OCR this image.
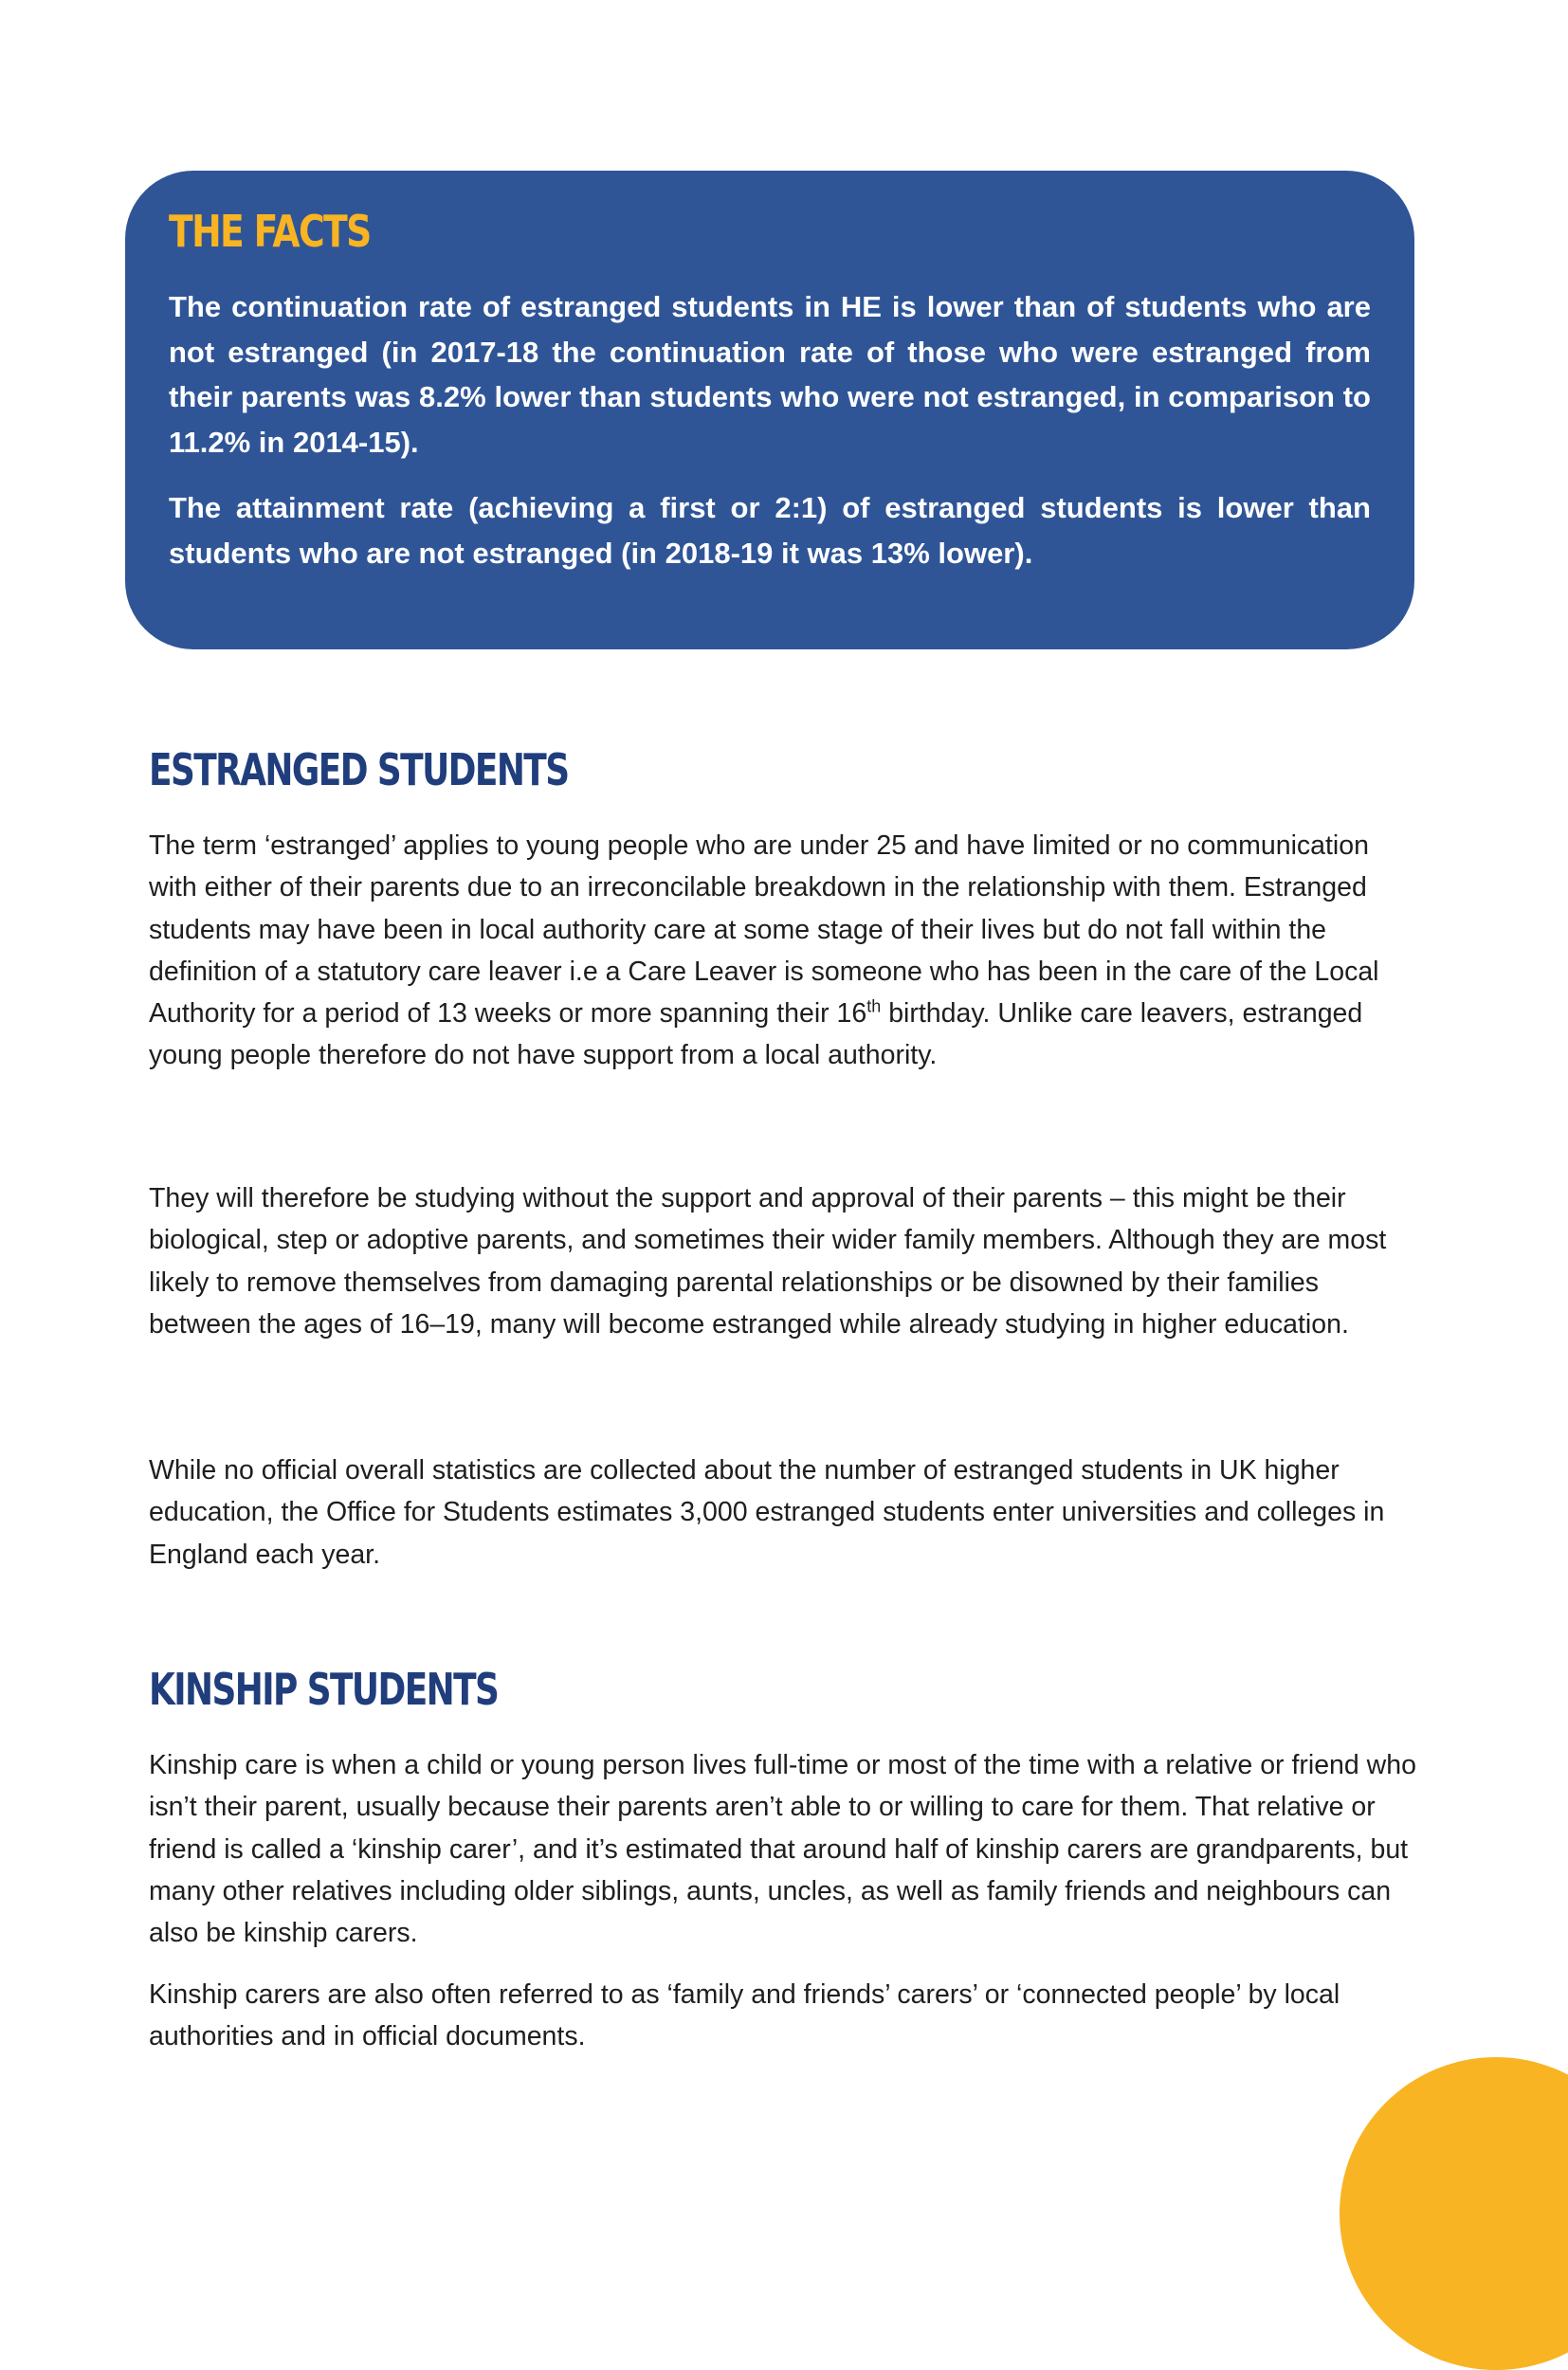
THE FACTS

The continuation rate of estranged students in HE is lower than of students who are not estranged (in 2017-18 the continuation rate of those who were estranged from their parents was 8.2% lower than students who were not estranged, in comparison to 11.2% in 2014-15).

The attainment rate (achieving a first or 2:1) of estranged students is lower than students who are not estranged (in 2018-19 it was 13% lower).

ESTRANGED STUDENTS

The term ‘estranged’ applies to young people who are under 25 and have limited or no communication with either of their parents due to an irreconcilable breakdown in the relationship with them. Estranged students may have been in local authority care at some stage of their lives but do not fall within the definition of a statutory care leaver i.e a Care Leaver is someone who has been in the care of the Local Authority for a period of 13 weeks or more spanning their 16th birthday. Unlike care leavers, estranged young people therefore do not have support from a local authority.

They will therefore be studying without the support and approval of their parents – this might be their biological, step or adoptive parents, and sometimes their wider family members. Although they are most likely to remove themselves from damaging parental relationships or be disowned by their families between the ages of 16–19, many will become estranged while already studying in higher education.

While no official overall statistics are collected about the number of estranged students in UK higher education, the Office for Students estimates 3,000 estranged students enter universities and colleges in England each year.

KINSHIP STUDENTS

Kinship care is when a child or young person lives full-time or most of the time with a relative or friend who isn’t their parent, usually because their parents aren’t able to or willing to care for them. That relative or friend is called a ‘kinship carer’, and it’s estimated that around half of kinship carers are grandparents, but many other relatives including older siblings, aunts, uncles, as well as family friends and neighbours can also be kinship carers.

Kinship carers are also often referred to as ‘family and friends’ carers’ or ‘connected people’ by local authorities and in official documents.
